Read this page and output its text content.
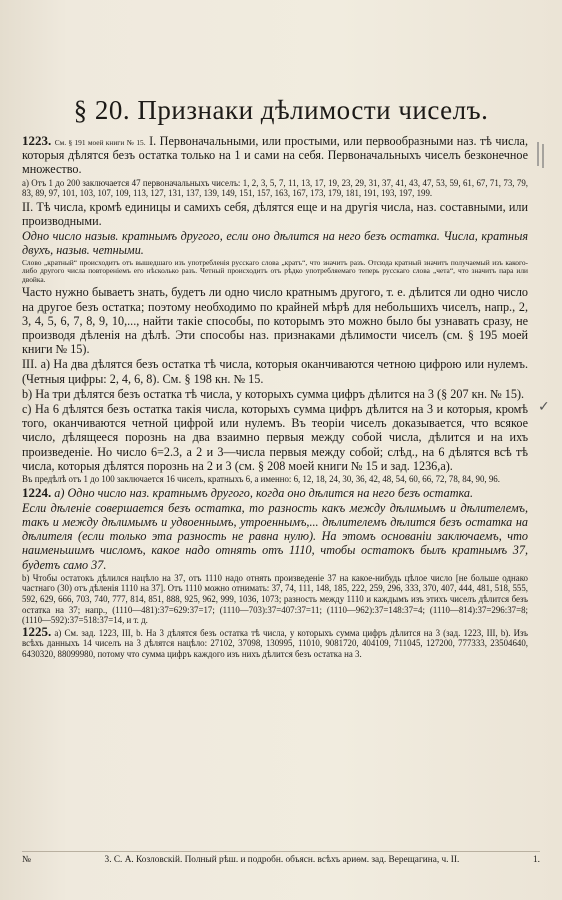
§ 20. Признаки дѣлимости чиселъ.

1223. См. § 191 моей книги № 15. I. Первоначальными, или простыми, или первообразными наз. тѣ числа, которыя дѣлятся безъ остатка только на 1 и сами на себя. Первоначальныхъ чиселъ безконечное множество.

а) Отъ 1 до 200 заключается 47 первоначальныхъ чиселъ: 1, 2, 3, 5, 7, 11, 13, 17, 19, 23, 29, 31, 37, 41, 43, 47, 53, 59, 61, 67, 71, 73, 79, 83, 89, 97, 101, 103, 107, 109, 113, 127, 131, 137, 139, 149, 151, 157, 163, 167, 173, 179, 181, 191, 193, 197, 199.

II. Тѣ числа, кромѣ единицы и самихъ себя, дѣлятся еще и на другія числа, наз. составными, или производными.

Одно число назыв. кратнымъ другого, если оно дѣлится на него безъ остатка. Числа, кратныя двухъ, назыв. четными.

Слово „кратный“ происходитъ отъ вышедшаго изъ употребленія русскаго слова „кратъ“, что значитъ разъ. Отсюда кратный значитъ получаемый изъ какого-либо другого числа повтореніемъ его нѣсколько разъ. Четный происходитъ отъ рѣдко употребляемаго теперь русскаго слова „чета“, что значитъ пара или двойка.

Часто нужно бываетъ знать, будетъ ли одно число кратнымъ другого, т. е. дѣлится ли одно число на другое безъ остатка; поэтому необходимо по крайней мѣрѣ для небольшихъ чиселъ, напр., 2, 3, 4, 5, 6, 7, 8, 9, 10,..., найти такіе способы, по которымъ это можно было бы узнавать сразу, не производя дѣленія на дѣлѣ. Эти способы наз. признаками дѣлимости чиселъ (см. § 195 моей книги № 15).

III. а) На два дѣлятся безъ остатка тѣ числа, которыя оканчиваются четною цифрою или нулемъ. (Четныя цифры: 2, 4, 6, 8). См. § 198 кн. № 15.

b) На три дѣлятся безъ остатка тѣ числа, у которыхъ сумма цифръ дѣлится на 3 (§ 207 кн. № 15).

с) На 6 дѣлятся безъ остатка такія числа, которыхъ сумма цифръ дѣлится на 3 и которыя, кромѣ того, оканчиваются четной цифрой или нулемъ. Въ теоріи чиселъ доказывается, что всякое число, дѣлящееся порознь на два взаимно первыя между собой числа, дѣлится и на ихъ произведеніе. Но число 6=2.3, а 2 и 3—числа первыя между собой; слѣд., на 6 дѣлятся всѣ тѣ числа, которыя дѣлятся порознь на 2 и 3 (см. § 208 моей книги № 15 и зад. 1236,а).

Въ предѣлѣ отъ 1 до 100 заключается 16 чиселъ, кратныхъ 6, а именно: 6, 12, 18, 24, 30, 36, 42, 48, 54, 60, 66, 72, 78, 84, 90, 96.

1224. а) Одно число наз. кратнымъ другого, когда оно дѣлится на него безъ остатка.

Если дѣленіе совершается безъ остатка, то разность какъ между дѣлимымъ и дѣлителемъ, такъ и между дѣлимымъ и удвоеннымъ, утроеннымъ,... дѣлителемъ дѣлится безъ остатка на дѣлителя (если только эта разность не равна нулю). На этомъ основаніи заключаемъ, что наименьшимъ числомъ, какое надо отнять отъ 1110, чтобы остатокъ былъ кратнымъ 37, будетъ само 37.

b) Чтобы остатокъ дѣлился нацѣло на 37, отъ 1110 надо отнять произведеніе 37 на какое-нибудь цѣлое число [не больше однако частнаго (30) отъ дѣленія 1110 на 37]. Отъ 1110 можно отнимать: 37, 74, 111, 148, 185, 222, 259, 296, 333, 370, 407, 444, 481, 518, 555, 592, 629, 666, 703, 740, 777, 814, 851, 888, 925, 962, 999, 1036, 1073; разность между 1110 и каждымъ изъ этихъ чиселъ дѣлится безъ остатка на 37; напр., (1110—481):37=629:37=17; (1110—703):37=407:37=11; (1110—962):37=148:37=4; (1110—814):37=296:37=8; (1110—592):37=518:37=14, и т. д.

1225. а) См. зад. 1223, III, b. На 3 дѣлятся безъ остатка тѣ числа, у которыхъ сумма цифръ дѣлится на 3 (зад. 1223, III, b). Изъ всѣхъ данныхъ 14 чиселъ на 3 дѣлятся нацѣло: 27102, 37098, 130995, 11010, 9081720, 404109, 711045, 127200, 777333, 23504640, 6430320, 88099980, потому что сумма цифръ каждого изъ нихъ дѣлится безъ остатка на 3.

✓
№	3. С. А. Козловскій. Полный рѣш. и подробн. объясн. всѣхъ ариѳм. зад. Верещагина, ч. II.	1.
